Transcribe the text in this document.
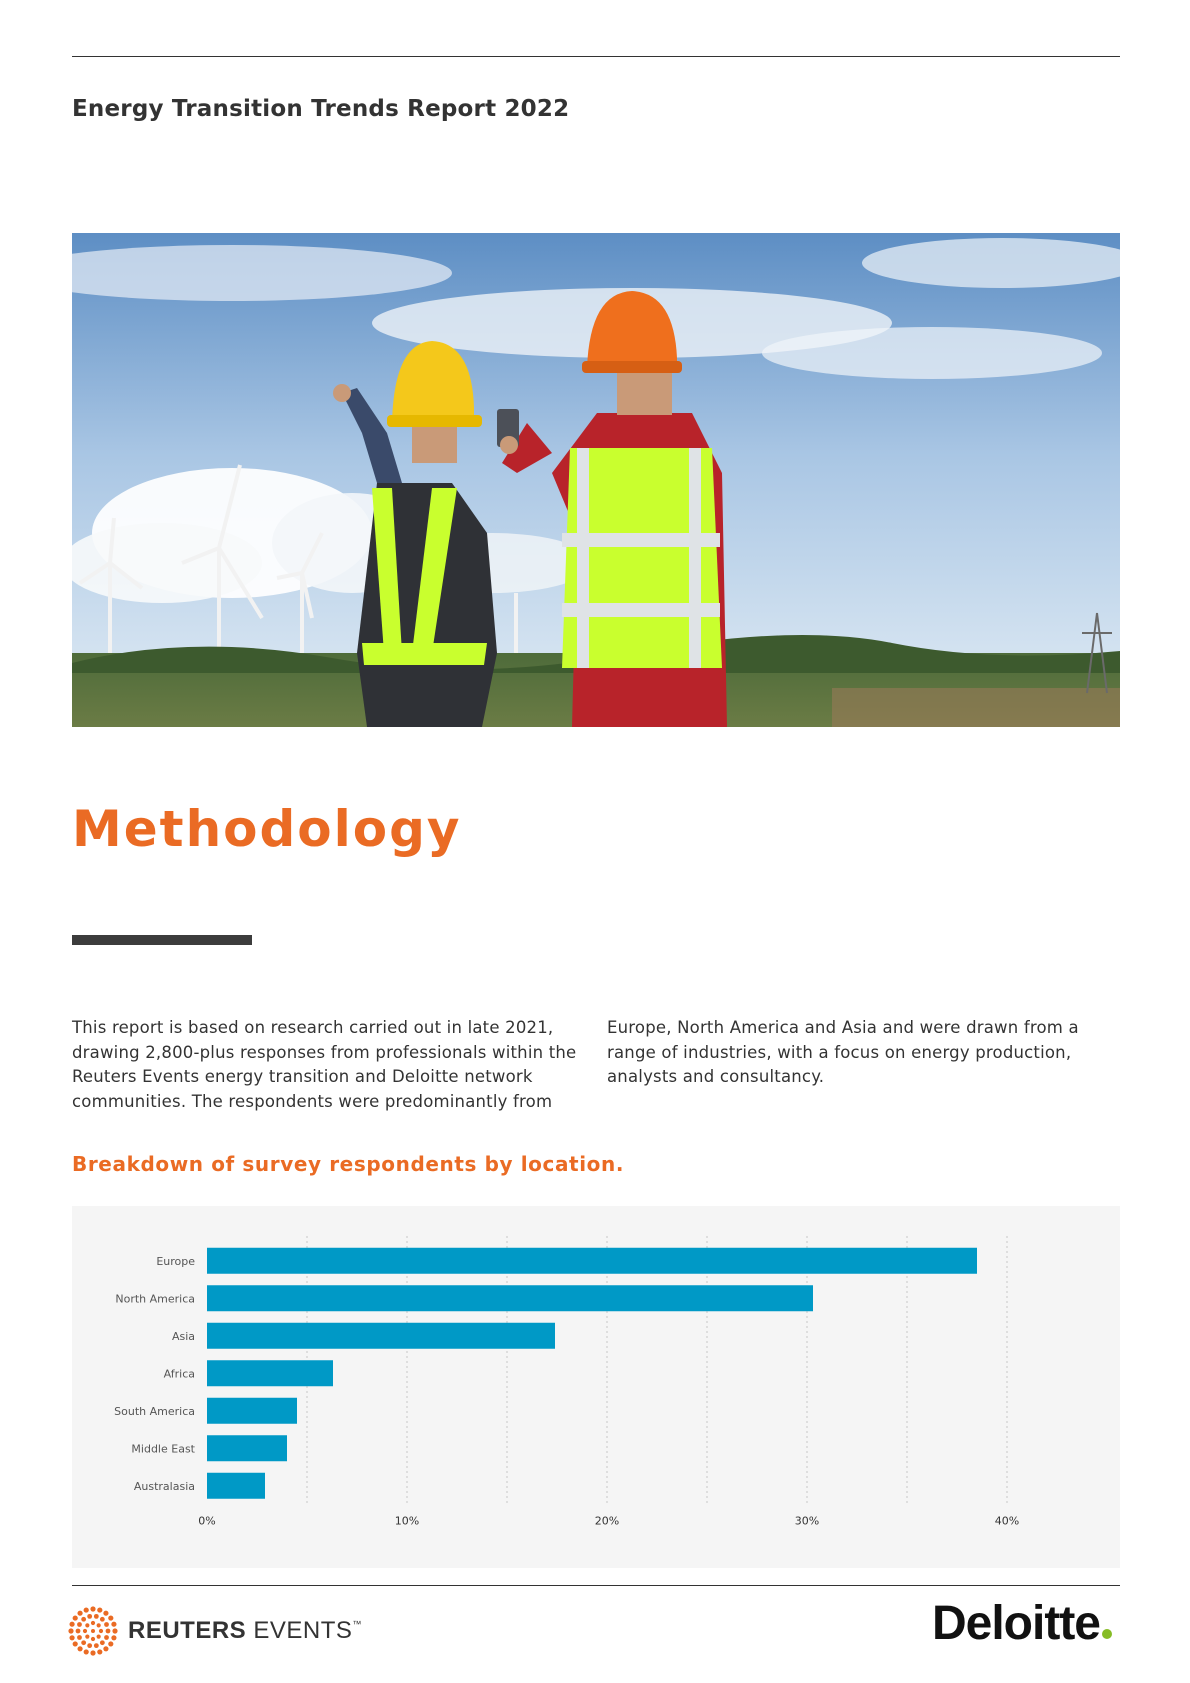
Energy Transition Trends Report 2022
Methodology
This report is based on research carried out in late 2021, drawing 2,800-plus responses from professionals within the Reuters Events energy transition and Deloitte network communities. The respondents were predominantly from
Europe, North America and Asia and were drawn from a range of industries, with a focus on energy production, analysts and consultancy.
Breakdown of survey respondents by location.
Europe
North America
Asia
Africa
South America
Middle East
Australasia
0%	10%	20%	30%	40%
REUTERS EVENTS™	Deloitte
